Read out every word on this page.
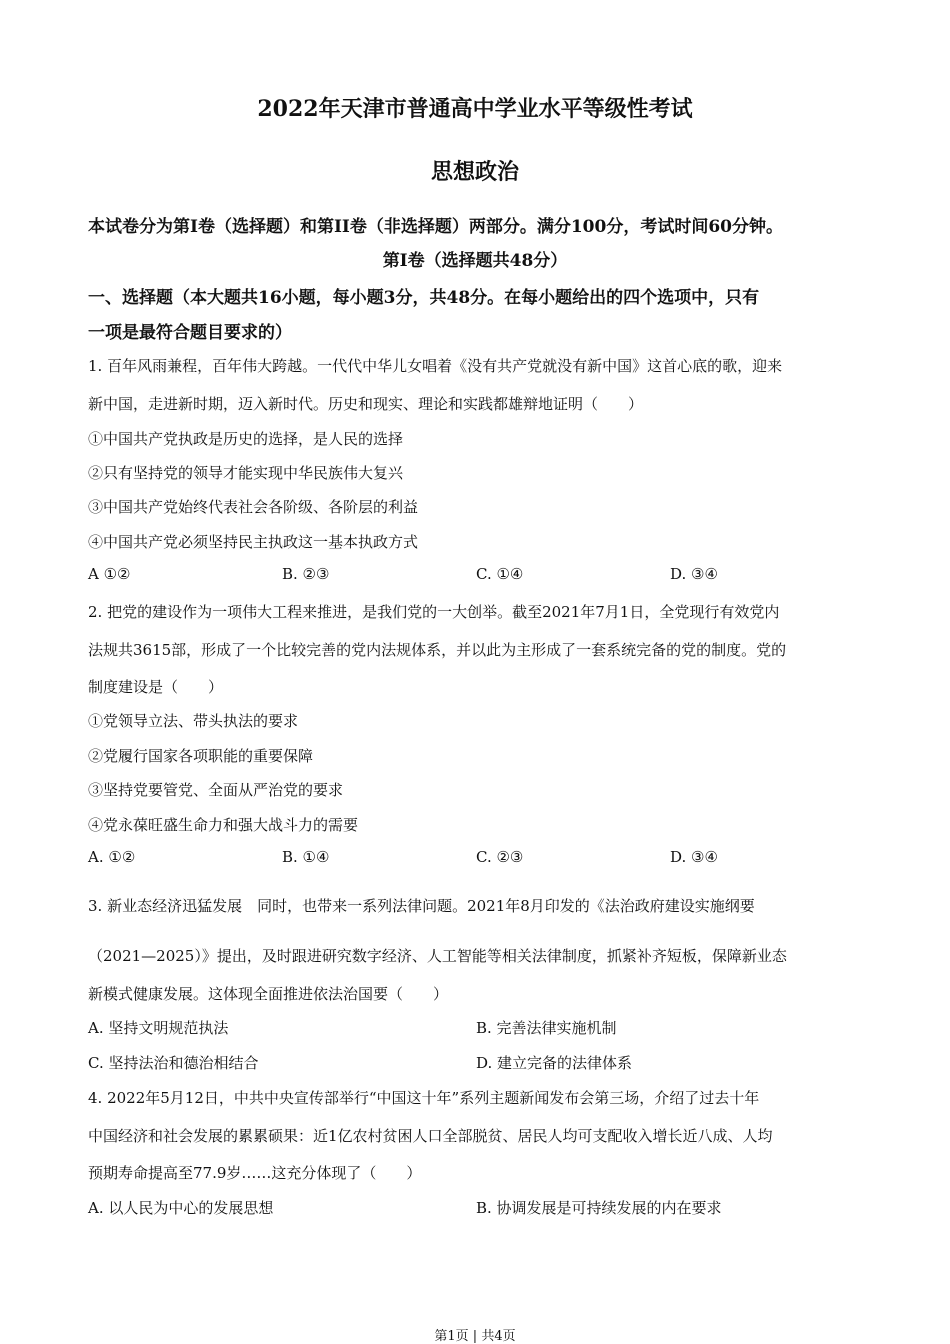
2022年天津市普通高中学业水平等级性考试
思想政治
本试卷分为第Ⅰ卷（选择题）和第II卷（非选择题）两部分。满分100分，考试时间60分钟。
第Ⅰ卷（选择题共48分）
一、选择题（本大题共16小题，每小题3分，共48分。在每小题给出的四个选项中，只有
一项是最符合题目要求的）
1. 百年风雨兼程，百年伟大跨越。一代代中华儿女唱着《没有共产党就没有新中国》这首心底的歌，迎来
新中国，走进新时期，迈入新时代。历史和现实、理论和实践都雄辩地证明（　　）
①中国共产党执政是历史的选择，是人民的选择
②只有坚持党的领导才能实现中华民族伟大复兴
③中国共产党始终代表社会各阶级、各阶层的利益
④中国共产党必须坚持民主执政这一基本执政方式
A ①②	B. ②③	C. ①④	D. ③④
2. 把党的建设作为一项伟大工程来推进，是我们党的一大创举。截至2021年7月1日，全党现行有效党内
法规共3615部，形成了一个比较完善的党内法规体系，并以此为主形成了一套系统完备的党的制度。党的
制度建设是（　　）
①党领导立法、带头执法的要求
②党履行国家各项职能的重要保障
③坚持党要管党、全面从严治党的要求
④党永葆旺盛生命力和强大战斗力的需要
A. ①②	B. ①④	C. ②③	D. ③④
3. 新业态经济迅猛发展　同时，也带来一系列法律问题。2021年8月印发的《法治政府建设实施纲要
（2021—2025）》提出，及时跟进研究数字经济、人工智能等相关法律制度，抓紧补齐短板，保障新业态
新模式健康发展。这体现全面推进依法治国要（　　）
A. 坚持文明规范执法	B. 完善法律实施机制
C. 坚持法治和德治相结合	D. 建立完备的法律体系
4. 2022年5月12日，中共中央宣传部举行“中国这十年”系列主题新闻发布会第三场，介绍了过去十年
中国经济和社会发展的累累硕果：近1亿农村贫困人口全部脱贫、居民人均可支配收入增长近八成、人均
预期寿命提高至77.9岁……这充分体现了（　　）
A. 以人民为中心的发展思想	B. 协调发展是可持续发展的内在要求
第1页 | 共4页
